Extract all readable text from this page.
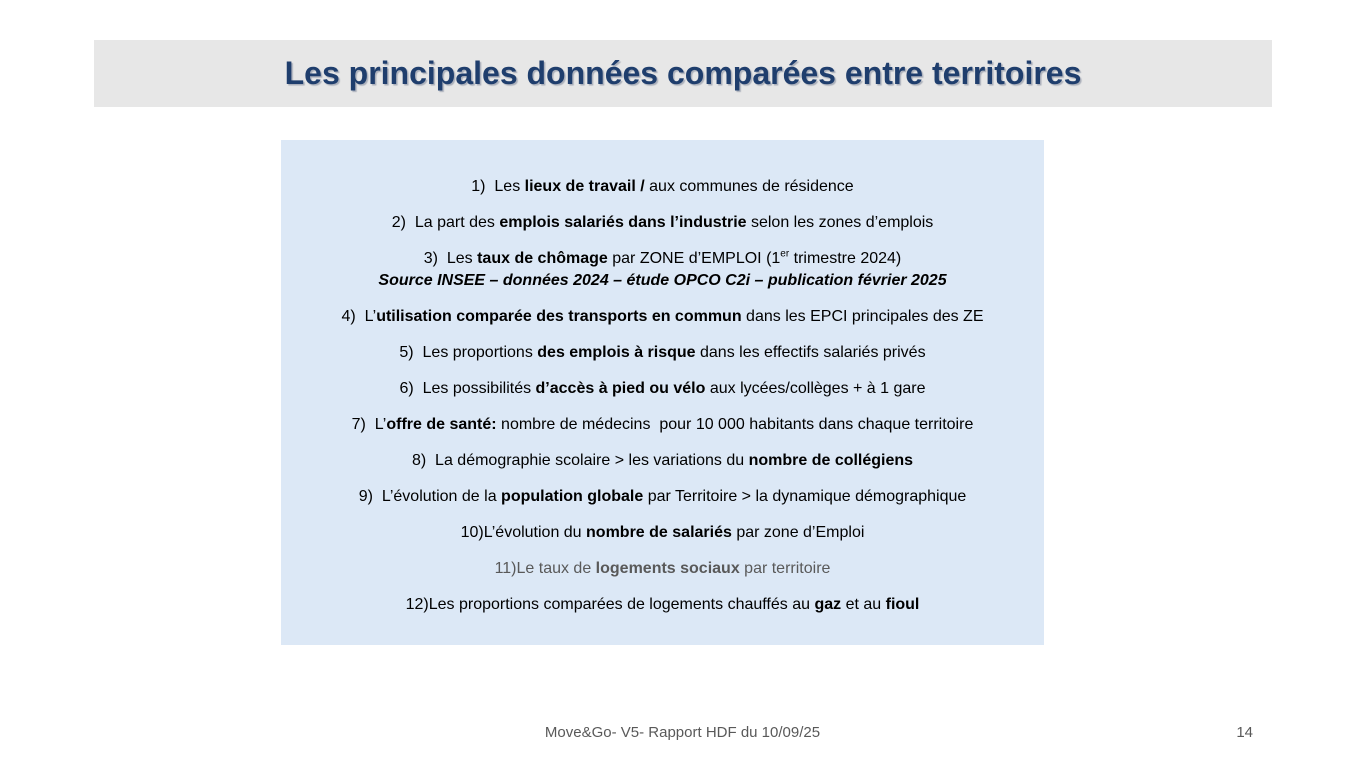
Les principales données comparées entre territoires
1)  Les lieux de travail / aux communes de résidence
2)  La part des emplois salariés dans l’industrie selon les zones d’emplois
3)  Les taux de chômage par ZONE d’EMPLOI (1er trimestre 2024)
Source INSEE – données 2024 – étude OPCO C2i – publication février 2025
4)  L’utilisation comparée des transports en commun dans les EPCI principales des ZE
5)  Les proportions des emplois à risque dans les effectifs salariés privés
6)  Les possibilités d’accès à pied ou vélo aux lycées/collèges + à 1 gare
7)  L’offre de santé: nombre de médecins  pour 10 000 habitants dans chaque territoire
8)  La démographie scolaire > les variations du nombre de collégiens
9)  L’évolution de la population globale par Territoire > la dynamique démographique
10)L’évolution du nombre de salariés par zone d’Emploi
11)Le taux de logements sociaux par territoire
12)Les proportions comparées de logements chauffés au gaz et au fioul
Move&Go- V5- Rapport HDF du 10/09/25	14
